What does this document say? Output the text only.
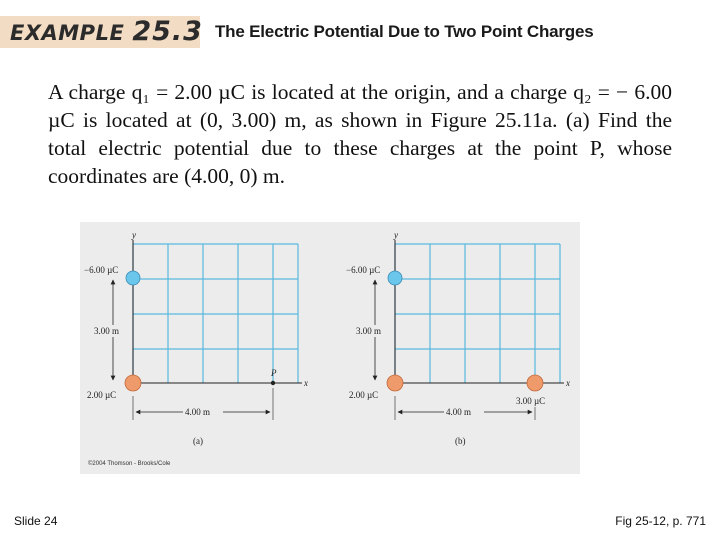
EXAMPLE 25.3 The Electric Potential Due to Two Point Charges

A charge q₁ = 2.00 µC is located at the origin, and a charge q₂ = − 6.00 µC is located at (0, 3.00) m, as shown in Figure 25.11a. (a) Find the total electric potential due to these charges at the point P, whose coordinates are (4.00, 0) m.

y
x
−6.00 µC
2.00 µC
3.00 m
4.00 m
P
(a)
y
x
−6.00 µC
2.00 µC
3.00 µC
3.00 m
4.00 m
(b)
©2004 Thomson - Brooks/Cole
Slide 24	Fig 25-12, p. 771
